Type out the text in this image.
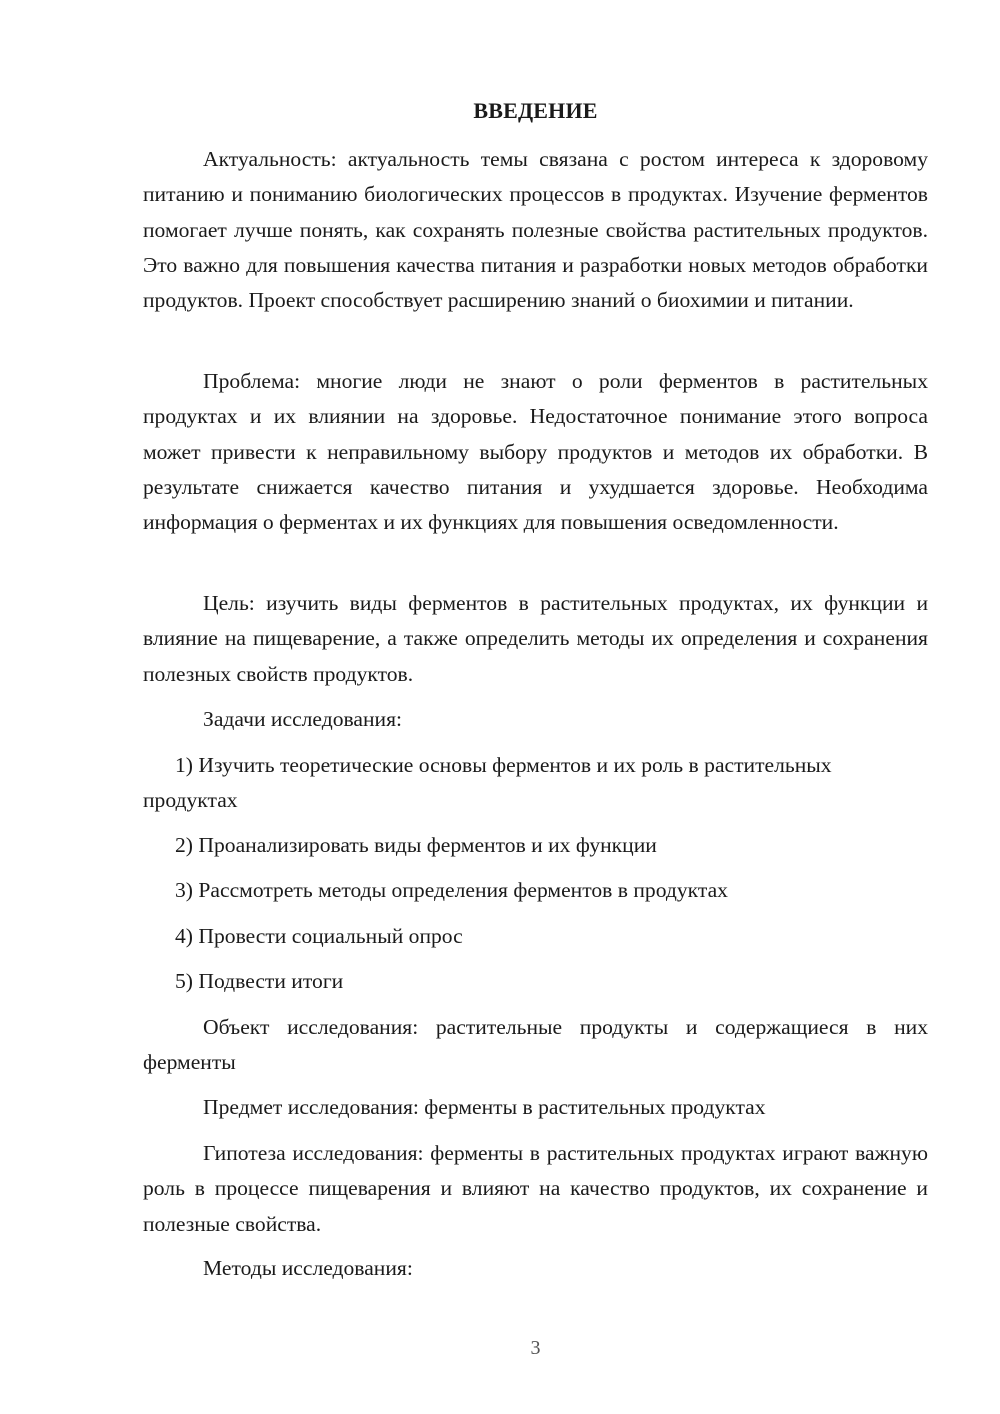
ВВЕДЕНИЕ

Актуальность: актуальность темы связана с ростом интереса к здоровому питанию и пониманию биологических процессов в продуктах. Изучение ферментов помогает лучше понять, как сохранять полезные свойства растительных продуктов. Это важно для повышения качества питания и разработки новых методов обработки продуктов. Проект способствует расширению знаний о биохимии и питании.

Проблема: многие люди не знают о роли ферментов в растительных продуктах и их влиянии на здоровье. Недостаточное понимание этого вопроса может привести к неправильному выбору продуктов и методов их обработки. В результате снижается качество питания и ухудшается здоровье. Необходима информация о ферментах и их функциях для повышения осведомленности.

Цель: изучить виды ферментов в растительных продуктах, их функции и влияние на пищеварение, а также определить методы их определения и сохранения полезных свойств продуктов.

Задачи исследования:

1) Изучить теоретические основы ферментов и их роль в растительных продуктах

2) Проанализировать виды ферментов и их функции

3) Рассмотреть методы определения ферментов в продуктах

4) Провести социальный опрос

5) Подвести итоги

Объект исследования: растительные продукты и содержащиеся в них ферменты

Предмет исследования: ферменты в растительных продуктах

Гипотеза исследования: ферменты в растительных продуктах играют важную роль в процессе пищеварения и влияют на качество продуктов, их сохранение и полезные свойства.

Методы исследования:

3
